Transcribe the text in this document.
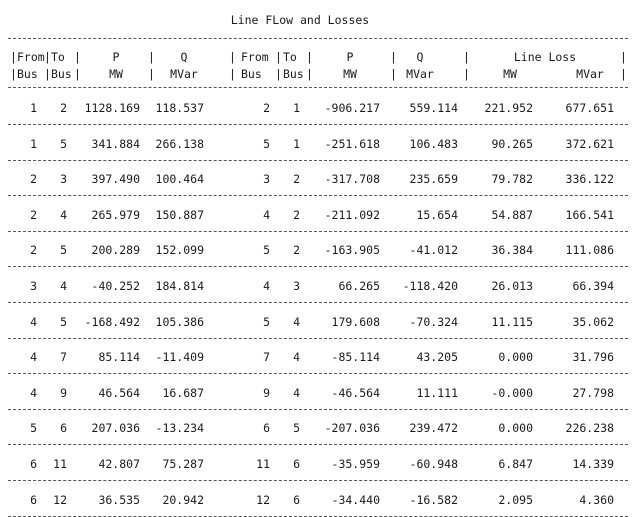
Line FLow and Losses
| From | To |	P	|	Q	| From | To |	P	|	Q	|	Line Loss	|
| Bus | Bus |	MW	|	MVar	| Bus | Bus |	MW	| MVar	|	MW	MVar	|
1	2	1128.169	118.537	2	1	-906.217	559.114	221.952	677.651
1	5	341.884	266.138	5	1	-251.618	106.483	90.265	372.621
2	3	397.490	100.464	3	2	-317.708	235.659	79.782	336.122
2	4	265.979	150.887	4	2	-211.092	15.654	54.887	166.541
2	5	200.289	152.099	5	2	-163.905	-41.012	36.384	111.086
3	4	-40.252	184.814	4	3	66.265	-118.420	26.013	66.394
4	5	-168.492	105.386	5	4	179.608	-70.324	11.115	35.062
4	7	85.114	-11.409	7	4	-85.114	43.205	0.000	31.796
4	9	46.564	16.687	9	4	-46.564	11.111	-0.000	27.798
5	6	207.036	-13.234	6	5	-207.036	239.472	0.000	226.238
6	11	42.807	75.287	11	6	-35.959	-60.948	6.847	14.339
6	12	36.535	20.942	12	6	-34.440	-16.582	2.095	4.360
